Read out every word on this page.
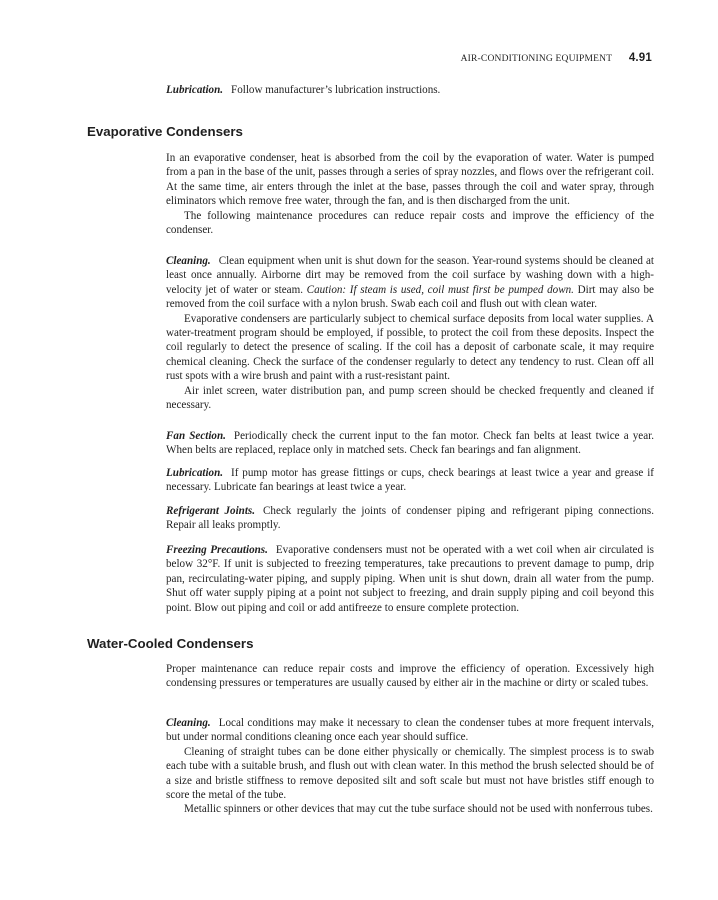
AIR-CONDITIONING EQUIPMENT 4.91

Lubrication. Follow manufacturer’s lubrication instructions.

Evaporative Condensers

In an evaporative condenser, heat is absorbed from the coil by the evaporation of water. Water is pumped from a pan in the base of the unit, passes through a series of spray nozzles, and flows over the refrigerant coil. At the same time, air enters through the inlet at the base, passes through the coil and water spray, through eliminators which remove free water, through the fan, and is then discharged from the unit.

The following maintenance procedures can reduce repair costs and improve the efficiency of the condenser.

Cleaning. Clean equipment when unit is shut down for the season. Year-round systems should be cleaned at least once annually. Airborne dirt may be removed from the coil surface by washing down with a high-velocity jet of water or steam. Caution: If steam is used, coil must first be pumped down. Dirt may also be removed from the coil surface with a nylon brush. Swab each coil and flush out with clean water.

Evaporative condensers are particularly subject to chemical surface deposits from local water supplies. A water-treatment program should be employed, if possible, to protect the coil from these deposits. Inspect the coil regularly to detect the presence of scaling. If the coil has a deposit of carbonate scale, it may require chemical cleaning. Check the surface of the condenser regularly to detect any tendency to rust. Clean off all rust spots with a wire brush and paint with a rust-resistant paint.

Air inlet screen, water distribution pan, and pump screen should be checked frequently and cleaned if necessary.

Fan Section. Periodically check the current input to the fan motor. Check fan belts at least twice a year. When belts are replaced, replace only in matched sets. Check fan bearings and fan alignment.

Lubrication. If pump motor has grease fittings or cups, check bearings at least twice a year and grease if necessary. Lubricate fan bearings at least twice a year.

Refrigerant Joints. Check regularly the joints of condenser piping and refrigerant piping connections. Repair all leaks promptly.

Freezing Precautions. Evaporative condensers must not be operated with a wet coil when air circulated is below 32°F. If unit is subjected to freezing temperatures, take precautions to prevent damage to pump, drip pan, recirculating-water piping, and supply piping. When unit is shut down, drain all water from the pump. Shut off water supply piping at a point not subject to freezing, and drain supply piping and coil beyond this point. Blow out piping and coil or add antifreeze to ensure complete protection.

Water-Cooled Condensers

Proper maintenance can reduce repair costs and improve the efficiency of operation. Excessively high condensing pressures or temperatures are usually caused by either air in the machine or dirty or scaled tubes.

Cleaning. Local conditions may make it necessary to clean the condenser tubes at more frequent intervals, but under normal conditions cleaning once each year should suffice.

Cleaning of straight tubes can be done either physically or chemically. The simplest process is to swab each tube with a suitable brush, and flush out with clean water. In this method the brush selected should be of a size and bristle stiffness to remove deposited silt and soft scale but must not have bristles stiff enough to score the metal of the tube.

Metallic spinners or other devices that may cut the tube surface should not be used with nonferrous tubes.
